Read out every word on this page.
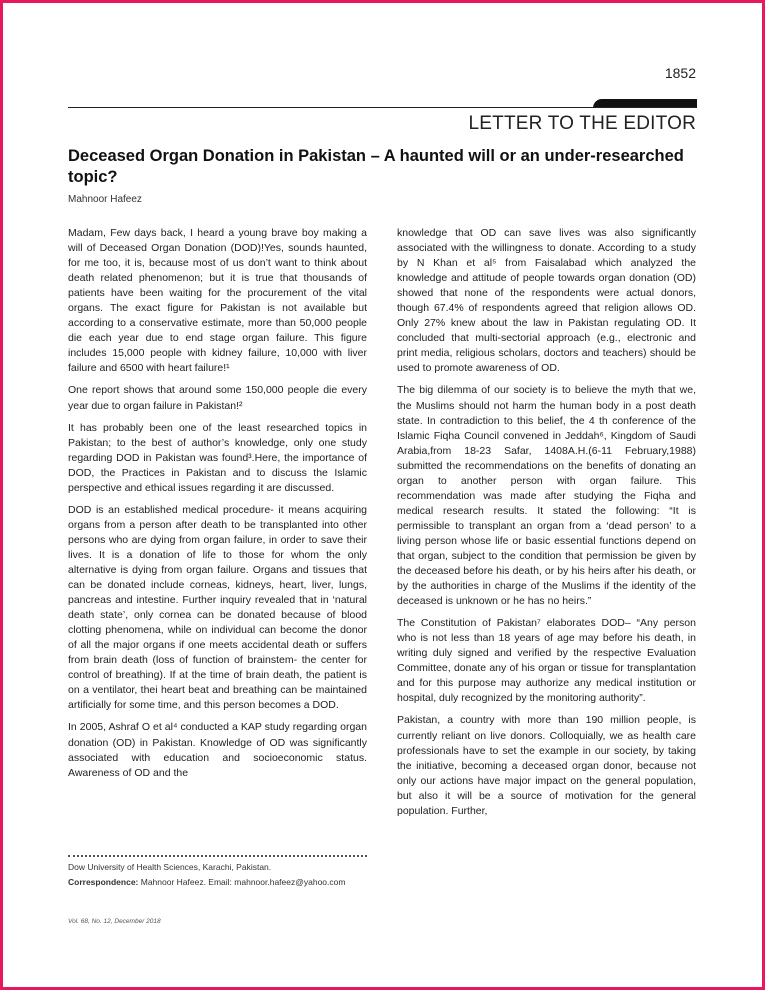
1852
LETTER TO THE EDITOR
Deceased Organ Donation in Pakistan – A haunted will or an under-researched topic?
Mahnoor Hafeez

Madam, Few days back, I heard a young brave boy making a will of Deceased Organ Donation (DOD)!Yes, sounds haunted, for me too, it is, because most of us don’t want to think about death related phenomenon; but it is true that thousands of patients have been waiting for the procurement of the vital organs. The exact figure for Pakistan is not available but according to a conservative estimate, more than 50,000 people die each year due to end stage organ failure. This figure includes 15,000 people with kidney failure, 10,000 with liver failure and 6500 with heart failure!¹

One report shows that around some 150,000 people die every year due to organ failure in Pakistan!²

It has probably been one of the least researched topics in Pakistan; to the best of author’s knowledge, only one study regarding DOD in Pakistan was found³.Here, the importance of DOD, the Practices in Pakistan and to discuss the Islamic perspective and ethical issues regarding it are discussed.

DOD is an established medical procedure- it means acquiring organs from a person after death to be transplanted into other persons who are dying from organ failure, in order to save their lives. It is a donation of life to those for whom the only alternative is dying from organ failure. Organs and tissues that can be donated include corneas, kidneys, heart, liver, lungs, pancreas and intestine. Further inquiry revealed that in ‘natural death state’, only cornea can be donated because of blood clotting phenomena, while on individual can become the donor of all the major organs if one meets accidental death or suffers from brain death (loss of function of brainstem- the center for control of breathing). If at the time of brain death, the patient is on a ventilator, thei heart beat and breathing can be maintained artificially for some time, and this person becomes a DOD.

In 2005, Ashraf O et al⁴ conducted a KAP study regarding organ donation (OD) in Pakistan. Knowledge of OD was significantly associated with education and socioeconomic status. Awareness of OD and the

knowledge that OD can save lives was also significantly associated with the willingness to donate. According to a study by N Khan et al⁵ from Faisalabad which analyzed the knowledge and attitude of people towards organ donation (OD) showed that none of the respondents were actual donors, though 67.4% of respondents agreed that religion allows OD. Only 27% knew about the law in Pakistan regulating OD. It concluded that multi-sectorial approach (e.g., electronic and print media, religious scholars, doctors and teachers) should be used to promote awareness of OD.

The big dilemma of our society is to believe the myth that we, the Muslims should not harm the human body in a post death state. In contradiction to this belief, the 4 th conference of the Islamic Fiqha Council convened in Jeddah⁶, Kingdom of Saudi Arabia,from 18-23 Safar, 1408A.H.(6-11 February,1988) submitted the recommendations on the benefits of donating an organ to another person with organ failure. This recommendation was made after studying the Fiqha and medical research results. It stated the following: “It is permissible to transplant an organ from a ‘dead person’ to a living person whose life or basic essential functions depend on that organ, subject to the condition that permission be given by the deceased before his death, or by his heirs after his death, or by the authorities in charge of the Muslims if the identity of the deceased is unknown or he has no heirs.”

The Constitution of Pakistan⁷ elaborates DOD– “Any person who is not less than 18 years of age may before his death, in writing duly signed and verified by the respective Evaluation Committee, donate any of his organ or tissue for transplantation and for this purpose may authorize any medical institution or hospital, duly recognized by the monitoring authority”.

Pakistan, a country with more than 190 million people, is currently reliant on live donors. Colloquially, we as health care professionals have to set the example in our society, by taking the initiative, becoming a deceased organ donor, because not only our actions have major impact on the general population, but also it will be a source of motivation for the general population. Further,

Dow University of Health Sciences, Karachi, Pakistan.
Correspondence: Mahnoor Hafeez. Email: mahnoor.hafeez@yahoo.com
Vol. 68, No. 12, December 2018
